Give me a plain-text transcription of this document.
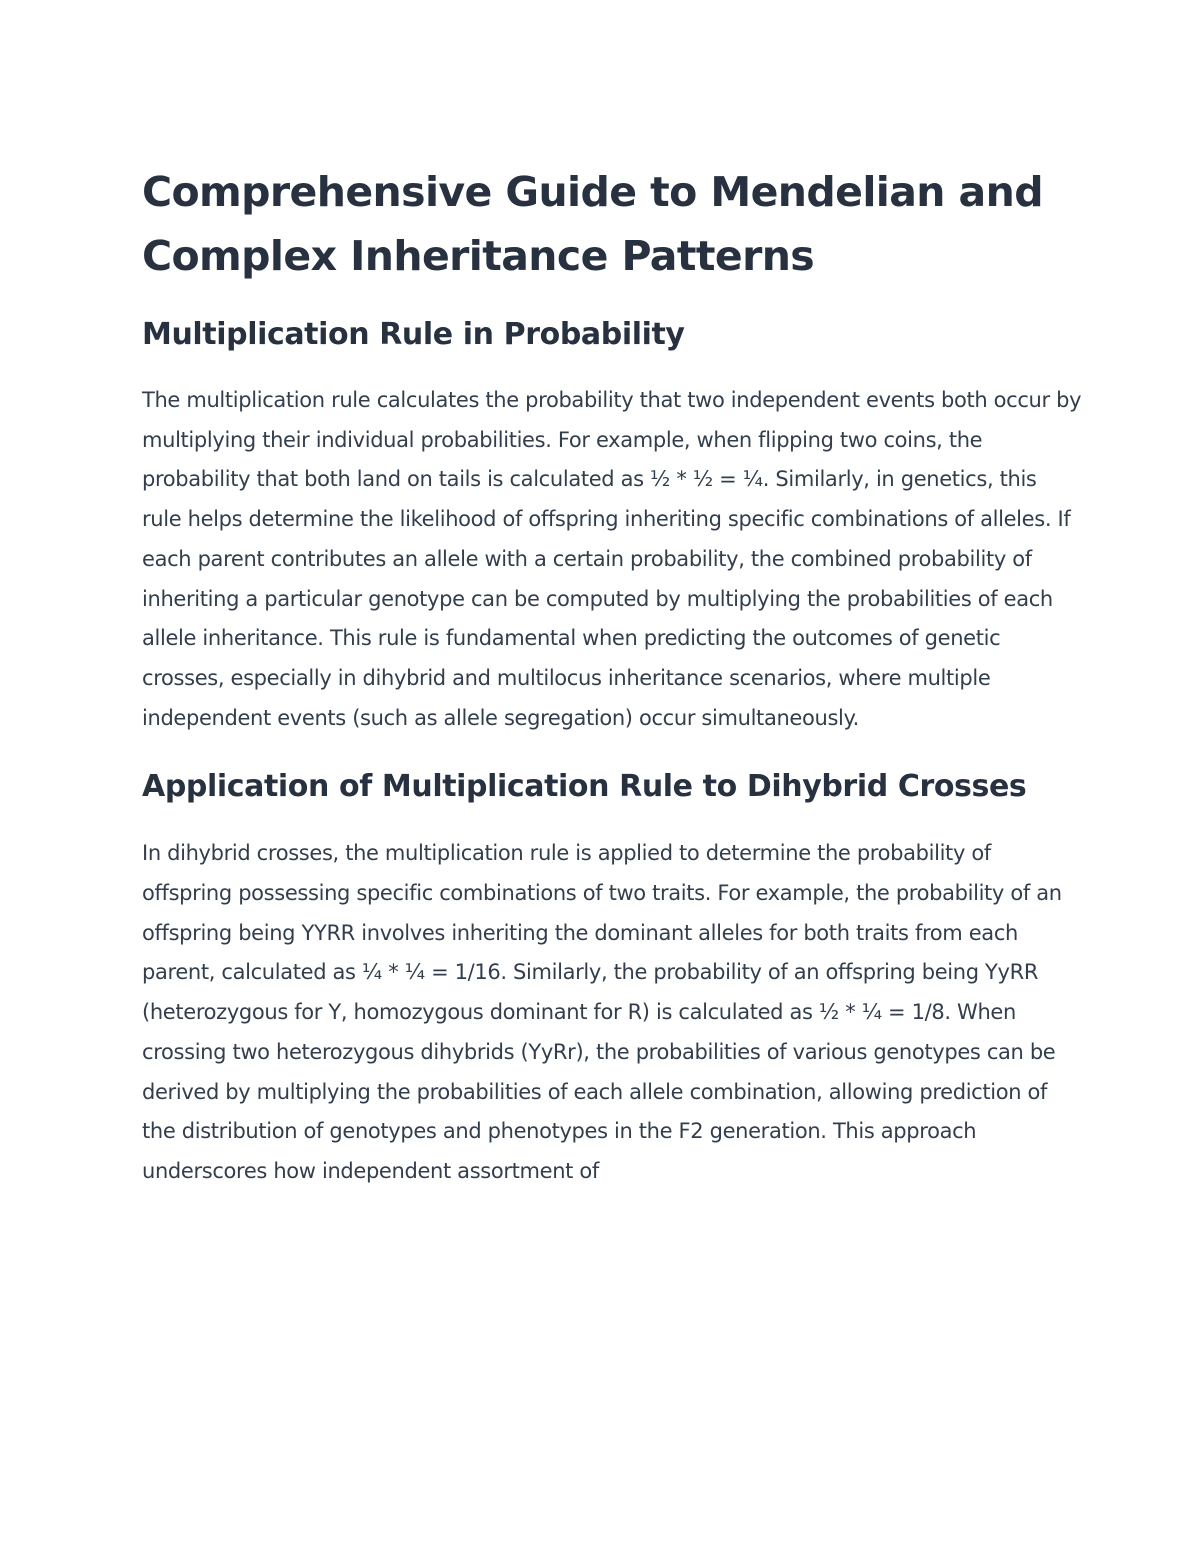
Comprehensive Guide to Mendelian and Complex Inheritance Patterns
Multiplication Rule in Probability

The multiplication rule calculates the probability that two independent events both occur by multiplying their individual probabilities. For example, when flipping two coins, the probability that both land on tails is calculated as ½ * ½ = ¼. Similarly, in genetics, this rule helps determine the likelihood of offspring inheriting specific combinations of alleles. If each parent contributes an allele with a certain probability, the combined probability of inheriting a particular genotype can be computed by multiplying the probabilities of each allele inheritance. This rule is fundamental when predicting the outcomes of genetic crosses, especially in dihybrid and multilocus inheritance scenarios, where multiple independent events (such as allele segregation) occur simultaneously.

Application of Multiplication Rule to Dihybrid Crosses

In dihybrid crosses, the multiplication rule is applied to determine the probability of offspring possessing specific combinations of two traits. For example, the probability of an offspring being YYRR involves inheriting the dominant alleles for both traits from each parent, calculated as ¼ * ¼ = 1/16. Similarly, the probability of an offspring being YyRR (heterozygous for Y, homozygous dominant for R) is calculated as ½ * ¼ = 1/8. When crossing two heterozygous dihybrids (YyRr), the probabilities of various genotypes can be derived by multiplying the probabilities of each allele combination, allowing prediction of the distribution of genotypes and phenotypes in the F2 generation. This approach underscores how independent assortment of
